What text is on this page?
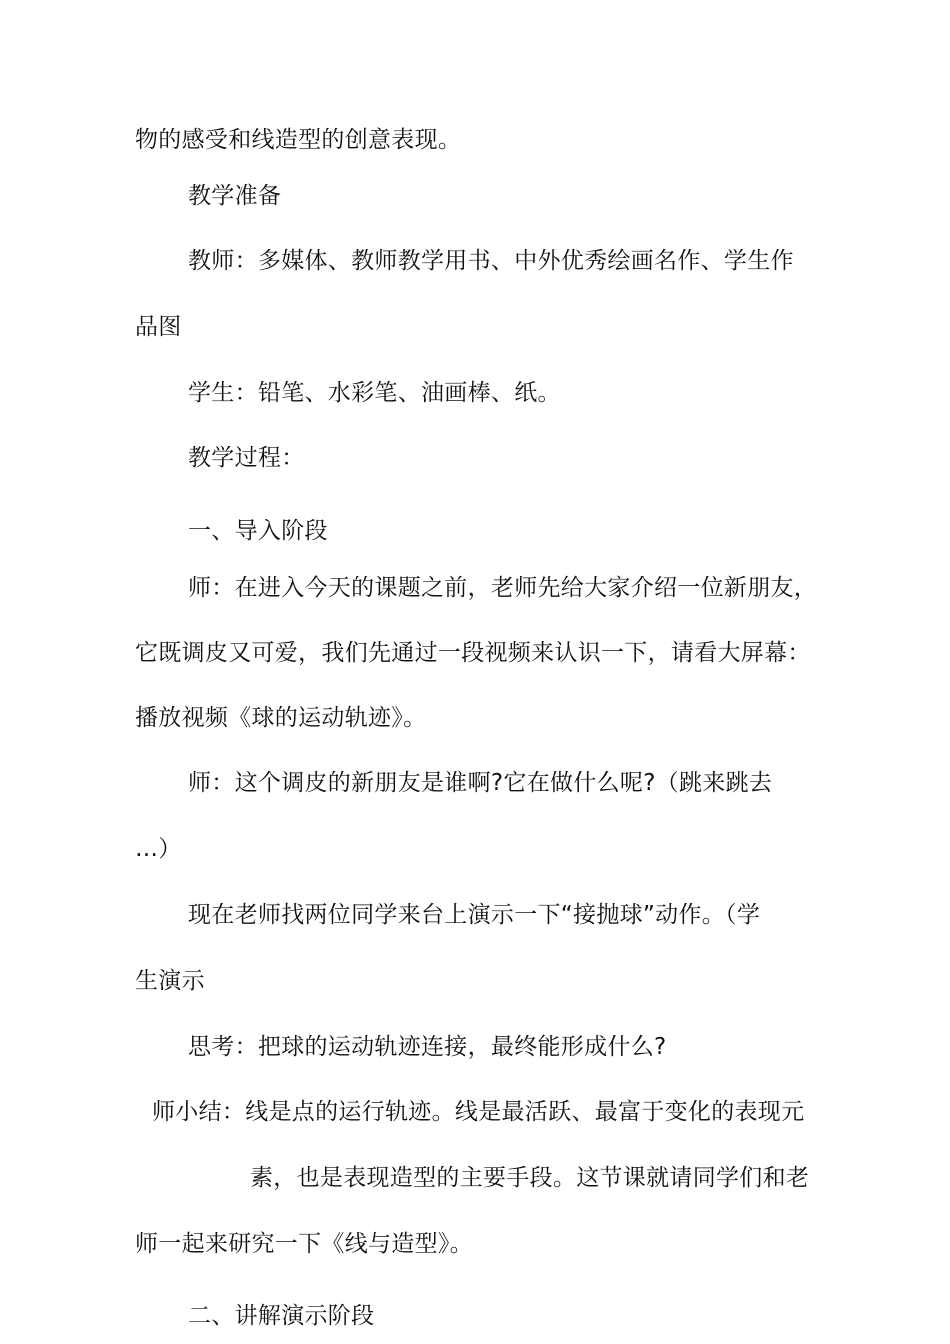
物的感受和线造型的创意表现。
教学准备
教师：多媒体、教师教学用书、中外优秀绘画名作、学生作
品图
学生：铅笔、水彩笔、油画棒、纸。
教学过程：
一、导入阶段
师：在进入今天的课题之前，老师先给大家介绍一位新朋友，
它既调皮又可爱，我们先通过一段视频来认识一下，请看大屏幕：
播放视频《球的运动轨迹》。
师：这个调皮的新朋友是谁啊?它在做什么呢?（跳来跳去
…）
现在老师找两位同学来台上演示一下“接抛球”动作。（学
生演示
思考：把球的运动轨迹连接，最终能形成什么?
师小结：线是点的运行轨迹。线是最活跃、最富于变化的表现元
素，也是表现造型的主要手段。这节课就请同学们和老
师一起来研究一下《线与造型》。
二、讲解演示阶段
